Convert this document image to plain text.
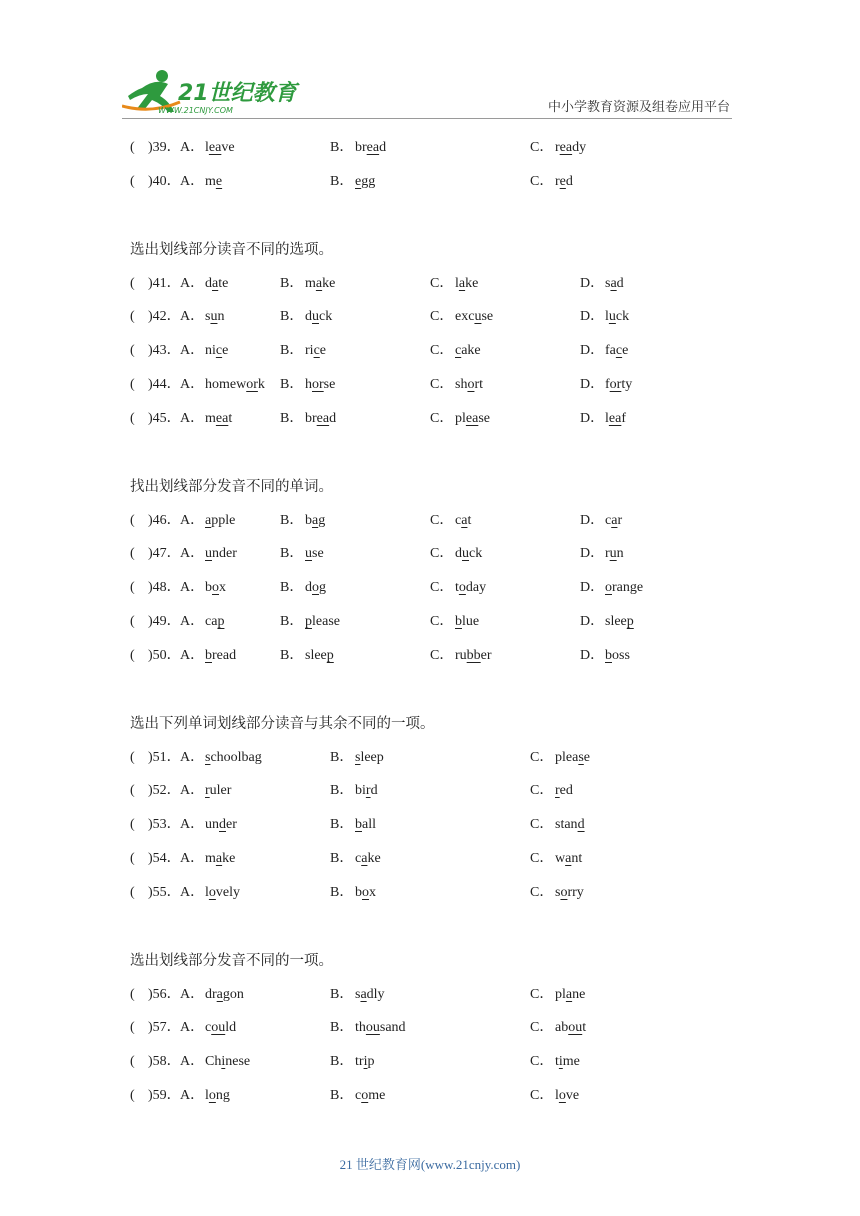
21世纪教育
WWW.21CNJY.COM	中小学教育资源及组卷应用平台
( )39． A．leave	B． bread	C． ready
( )40． A．me	B． egg	C． red
选出划线部分读音不同的选项。
( )41． A．date	B． make	C． lake	D．sad
( )42． A．sun	B． duck	C． excuse	D．luck
( )43． A．nice	B． rice	C． cake	D．face
( )44． A．homework B． horse	C． short	D．forty
( )45． A．meat	B． bread	C． please	D．leaf
找出划线部分发音不同的单词。
( )46． A．apple	B． bag	C． cat	D．car
( )47． A．under	B． use	C． duck	D．run
( )48． A．box	B． dog	C． today	D．orange
( )49． A．cap	B． please	C． blue	D．sleep
( )50． A．bread	B． sleep	C． rubber	D．boss
选出下列单词划线部分读音与其余不同的一项。
( )51． A．schoolbag	B． sleep	C． please
( )52． A．ruler	B． bird	C． red
( )53． A．under	B． ball	C． stand
( )54． A．make	B． cake	C． want
( )55． A．lovely	B． box	C． sorry
选出划线部分发音不同的一项。
( )56． A．dragon	B． sadly	C． plane
( )57． A．could	B． thousand	C． about
( )58． A．Chinese	B． trip	C． time
( )59． A．long	B． come	C． love
21 世纪教育网(www.21cnjy.com)
